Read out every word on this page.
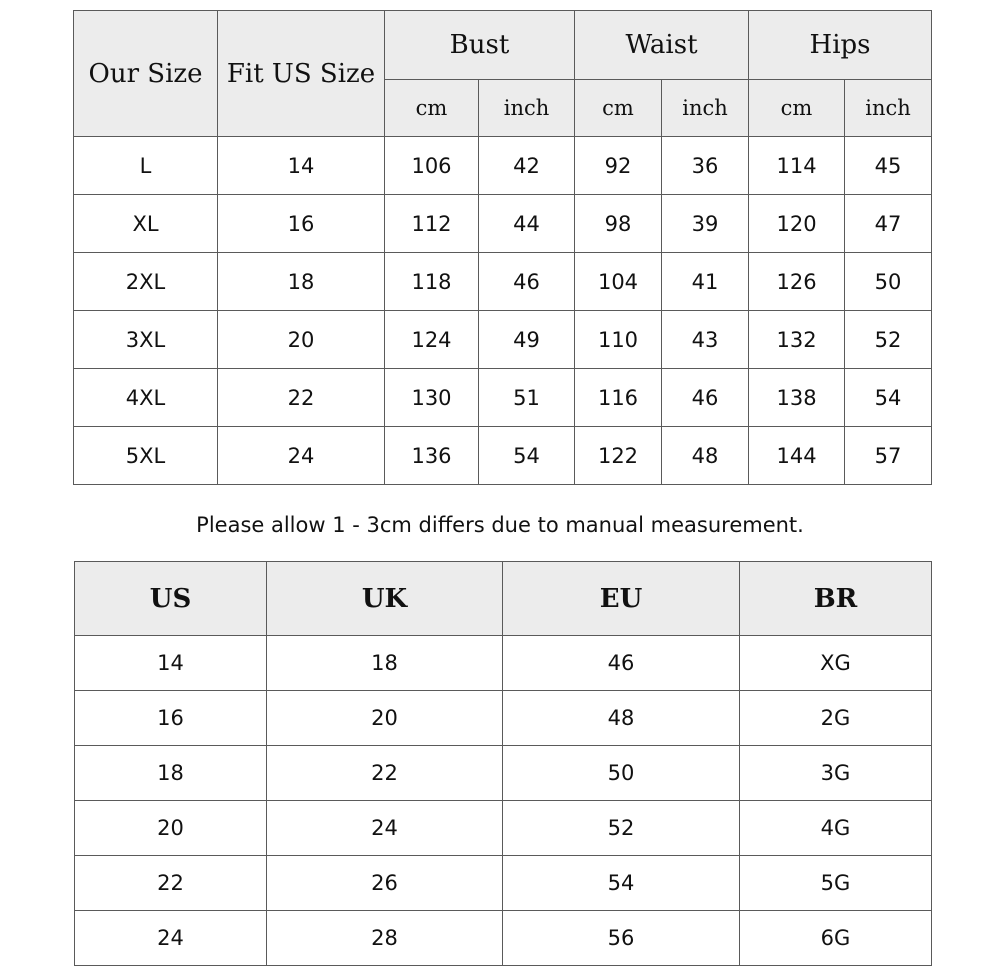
Our Size	Fit US Size	Bust		Waist		Hips	
		cm	inch	cm	inch	cm	inch
L	14	106	42	92	36	114	45
XL	16	112	44	98	39	120	47
2XL	18	118	46	104	41	126	50
3XL	20	124	49	110	43	132	52
4XL	22	130	51	116	46	138	54
5XL	24	136	54	122	48	144	57
Please allow 1 - 3cm differs due to manual measurement.
US	UK	EU	BR
14	18	46	XG
16	20	48	2G
18	22	50	3G
20	24	52	4G
22	26	54	5G
24	28	56	6G
